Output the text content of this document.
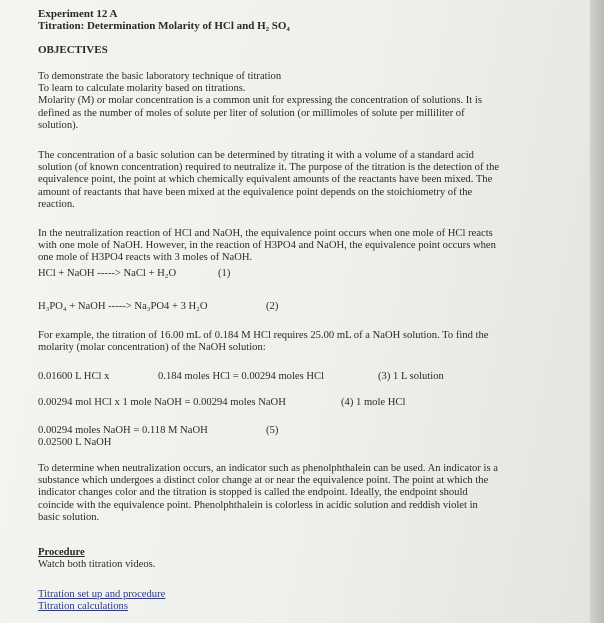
Experiment 12 A
Titration: Determination Molarity of HCl and H₂ SO₄
OBJECTIVES

To demonstrate the basic laboratory technique of titration

To learn to calculate molarity based on titrations.

Molarity (M) or molar concentration is a common unit for expressing the concentration of solutions. It is

defined as the number of moles of solute per liter of solution (or millimoles of solute per milliliter of

solution).

The concentration of a basic solution can be determined by titrating it with a volume of a standard acid

solution (of known concentration) required to neutralize it. The purpose of the titration is the detection of the

equivalence point, the point at which chemically equivalent amounts of the reactants have been mixed. The

amount of reactants that have been mixed at the equivalence point depends on the stoichiometry of the

reaction.

In the neutralization reaction of HCl and NaOH, the equivalence point occurs when one mole of HCl reacts

with one mole of NaOH. However, in the reaction of H3PO4 and NaOH, the equivalence point occurs when

one mole of H3PO4 reacts with 3 moles of NaOH.

HCl + NaOH -----> NaCl + H₂O	(1)
H₃PO₄ + NaOH -----> Na₃PO4 + 3 H₂O	(2)

For example, the titration of 16.00 mL of 0.184 M HCl requires 25.00 mL of a NaOH solution. To find the

molarity (molar concentration) of the NaOH solution:

0.01600 L HCl x	0.184 moles HCl = 0.00294 moles HCl	(3) 1 L solution
0.00294 mol HCl x 1 mole NaOH = 0.00294 moles NaOH	(4) 1 mole HCl
0.00294 moles NaOH = 0.118 M NaOH	(5)
0.02500 L NaOH

To determine when neutralization occurs, an indicator such as phenolphthalein can be used. An indicator is a

substance which undergoes a distinct color change at or near the equivalence point. The point at which the

indicator changes color and the titration is stopped is called the endpoint. Ideally, the endpoint should

coincide with the equivalence point. Phenolphthalein is colorless in acidic solution and reddish violet in

basic solution.

Procedure
Watch both titration videos.
Titration set up and procedure
Titration calculations
